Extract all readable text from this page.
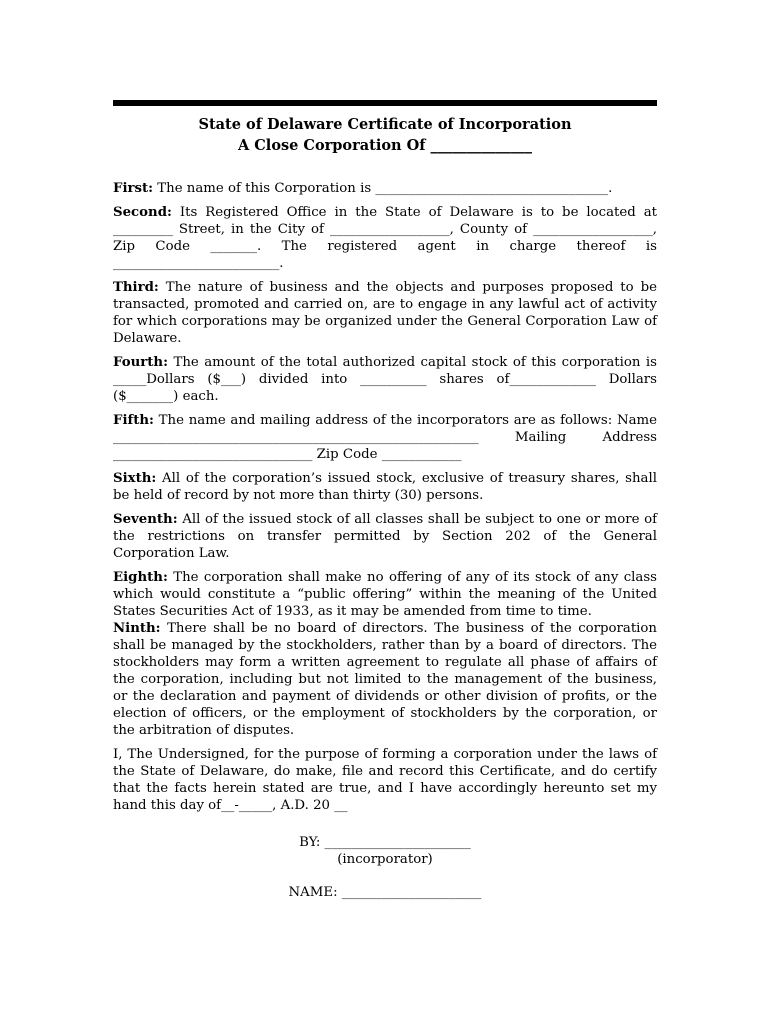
State of Delaware Certificate of Incorporation
A Close Corporation Of ______________

First: The name of this Corporation is ___________________________________.

Second: Its Registered Office in the State of Delaware is to be located at _________ Street, in the City of __________________, County of __________________, Zip Code _______. The registered agent in charge thereof is _________________________.

Third: The nature of business and the objects and purposes proposed to be transacted, promoted and carried on, are to engage in any lawful act of activity for which corporations may be organized under the General Corporation Law of Delaware.

Fourth: The amount of the total authorized capital stock of this corporation is _____Dollars ($___) divided into __________ shares of_____________ Dollars ($_______) each.

Fifth: The name and mailing address of the incorporators are as follows: Name _______________________________________________________ Mailing Address ______________________________ Zip Code ____________

Sixth: All of the corporation’s issued stock, exclusive of treasury shares, shall be held of record by not more than thirty (30) persons.

Seventh: All of the issued stock of all classes shall be subject to one or more of the restrictions on transfer permitted by Section 202 of the General Corporation Law.

Eighth: The corporation shall make no offering of any of its stock of any class which would constitute a “public offering” within the meaning of the United States Securities Act of 1933, as it may be amended from time to time.

Ninth: There shall be no board of directors. The business of the corporation shall be managed by the stockholders, rather than by a board of directors. The stockholders may form a written agreement to regulate all phase of affairs of the corporation, including but not limited to the management of the business, or the declaration and payment of dividends or other division of profits, or the election of officers, or the employment of stockholders by the corporation, or the arbitration of disputes.

I, The Undersigned, for the purpose of forming a corporation under the laws of the State of Delaware, do make, file and record this Certificate, and do certify that the facts herein stated are true, and I have accordingly hereunto set my hand this day of__-_____, A.D. 20 __

BY: ______________________
(incorporator)
NAME: _____________________
